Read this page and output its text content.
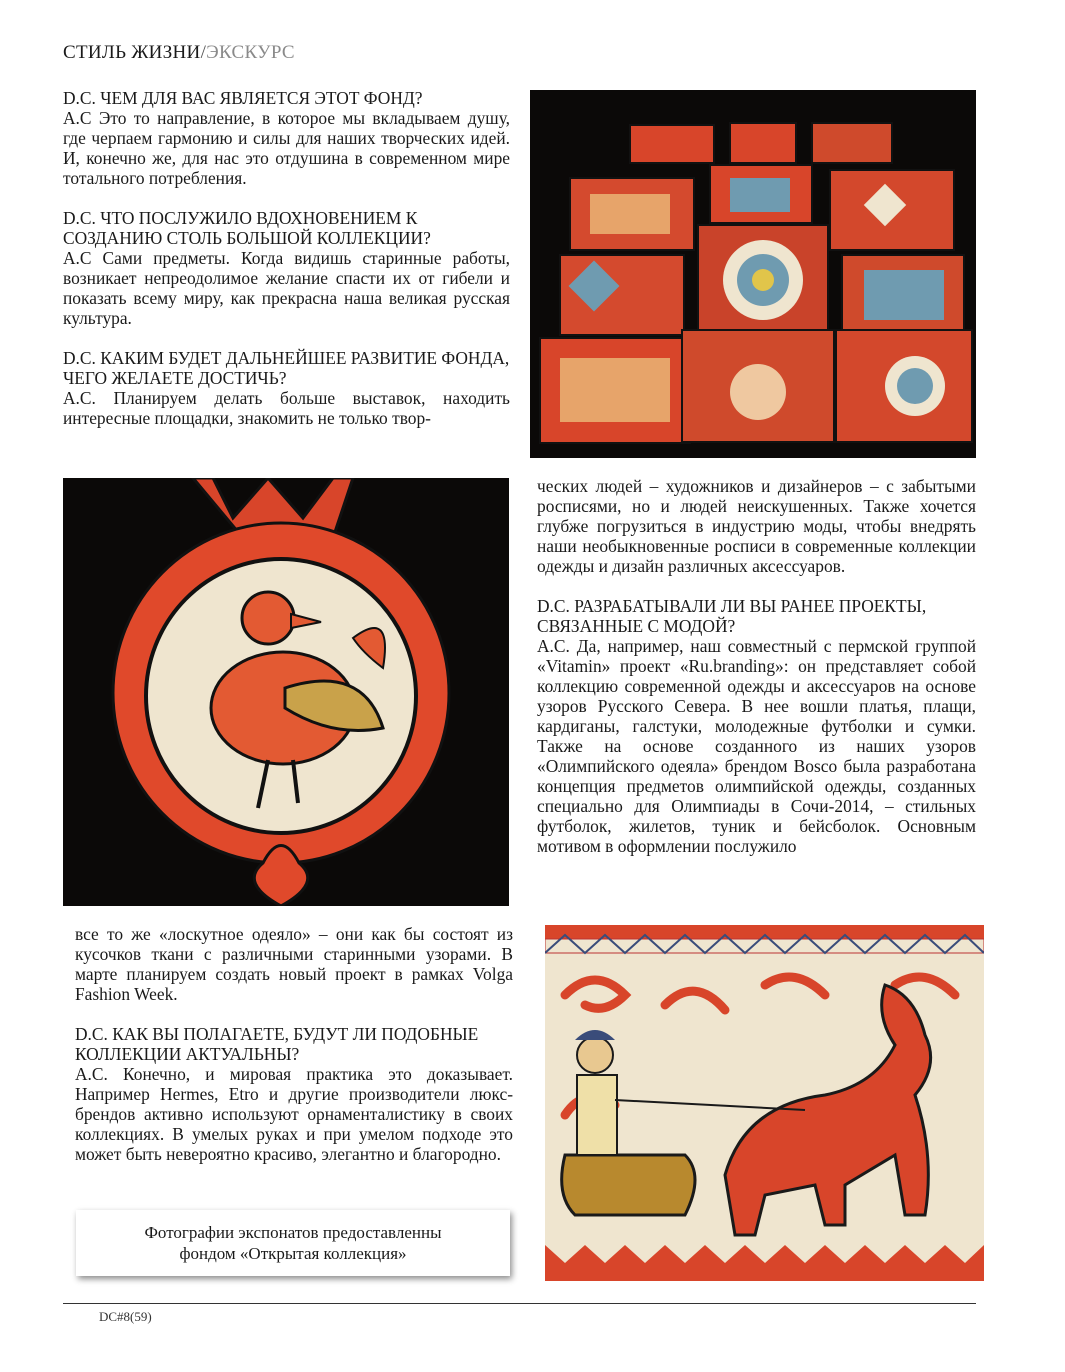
СТИЛЬ ЖИЗНИ/ЭКСКУРС

D.C. ЧЕМ ДЛЯ ВАС ЯВЛЯЕТСЯ ЭТОТ ФОНД?

A.C Это то направление, в которое мы вкладываем душу, где черпаем гармонию и силы для наших творческих идей. И, конечно же, для нас это отдушина в современном мире тотального потребления.

D.C. ЧТО ПОСЛУЖИЛО ВДОХНОВЕНИЕМ К СОЗДАНИЮ СТОЛЬ БОЛЬШОЙ КОЛЛЕКЦИИ?

A.C Сами предметы. Когда видишь старинные работы, возникает непреодолимое желание спасти их от гибели и показать всему миру, как прекрасна наша великая русская культура.

D.C. КАКИМ БУДЕТ ДАЛЬНЕЙШЕЕ РАЗВИТИЕ ФОНДА, ЧЕГО ЖЕЛАЕТЕ ДОСТИЧЬ?

A.C. Планируем делать больше выставок, находить интересные площадки, знакомить не только твор-

ческих людей – художников и дизайнеров – с забытыми росписями, но и людей неискушенных. Также хочется глубже погрузиться в индустрию моды, чтобы внедрять наши необыкновенные росписи в современные коллекции одежды и дизайн различных аксессуаров.

D.C. РАЗРАБАТЫВАЛИ ЛИ ВЫ РАНЕЕ ПРОЕКТЫ, СВЯЗАННЫЕ С МОДОЙ?

A.C. Да, например, наш совместный с пермской группой «Vitamin» проект «Ru.branding»: он представляет собой коллекцию современной одежды и аксессуаров на основе узоров Русского Севера. В нее вошли платья, плащи, кардиганы, галстуки, молодежные футболки и сумки. Также на основе созданного из наших узоров «Олимпийского одеяла» брендом Bosco была разработана концепция предметов олимпийской одежды, созданных специально для Олимпиады в Сочи-2014, – стильных футболок, жилетов, туник и бейсболок. Основным мотивом в оформлении послужило

все то же «лоскутное одеяло» – они как бы состоят из кусочков ткани с различными старинными узорами. В марте планируем создать новый проект в рамках Volga Fashion Week.

D.C. КАК ВЫ ПОЛАГАЕТЕ, БУДУТ ЛИ ПОДОБНЫЕ КОЛЛЕКЦИИ АКТУАЛЬНЫ?

A.C. Конечно, и мировая практика это доказывает. Например Hermes, Etro и другие производители люкс-брендов активно используют орнаменталистику в своих коллекциях. В умелых руках и при умелом подходе это может быть невероятно красиво, элегантно и благородно.

Фотографии экспонатов предоставленны
фондом «Открытая коллекция»
DC#8(59)
